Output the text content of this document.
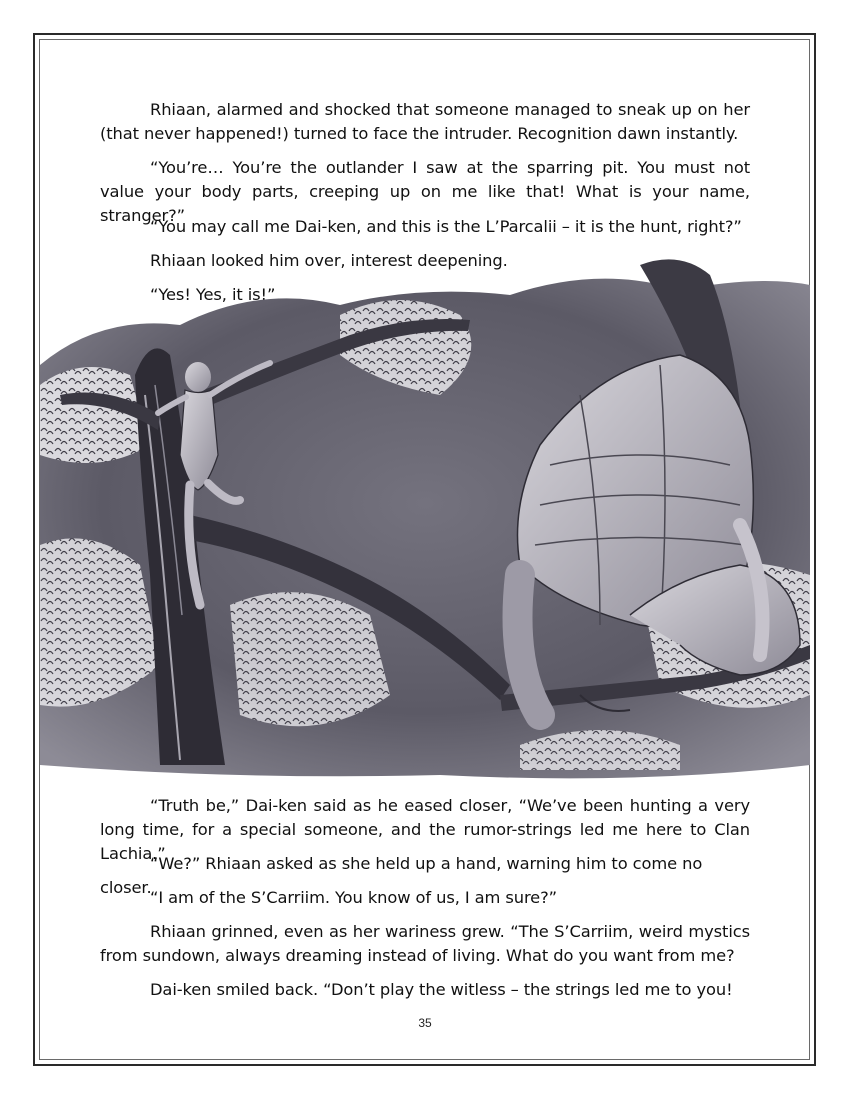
Rhiaan, alarmed and shocked that someone managed to sneak up on her (that never happened!) turned to face the intruder. Recognition dawn instantly.

“You’re… You’re the outlander I saw at the sparring pit. You must not value your body parts, creeping up on me like that! What is your name, stranger?”

“You may call me Dai-ken, and this is the L’Parcalii – it is the hunt, right?”

Rhiaan looked him over, interest deepening.

“Yes! Yes, it is!”

“Truth be,” Dai-ken said as he eased closer, “We’ve been hunting a very long time, for a special someone, and the rumor-strings led me here to Clan Lachia.”

“We?” Rhiaan asked as she held up a hand, warning him to come no closer.

“I am of the S’Carriim. You know of us, I am sure?”

Rhiaan grinned, even as her wariness grew. “The S’Carriim, weird mystics from sundown, always dreaming instead of living. What do you want from me?

Dai-ken smiled back. “Don’t play the witless – the strings led me to you!

35
